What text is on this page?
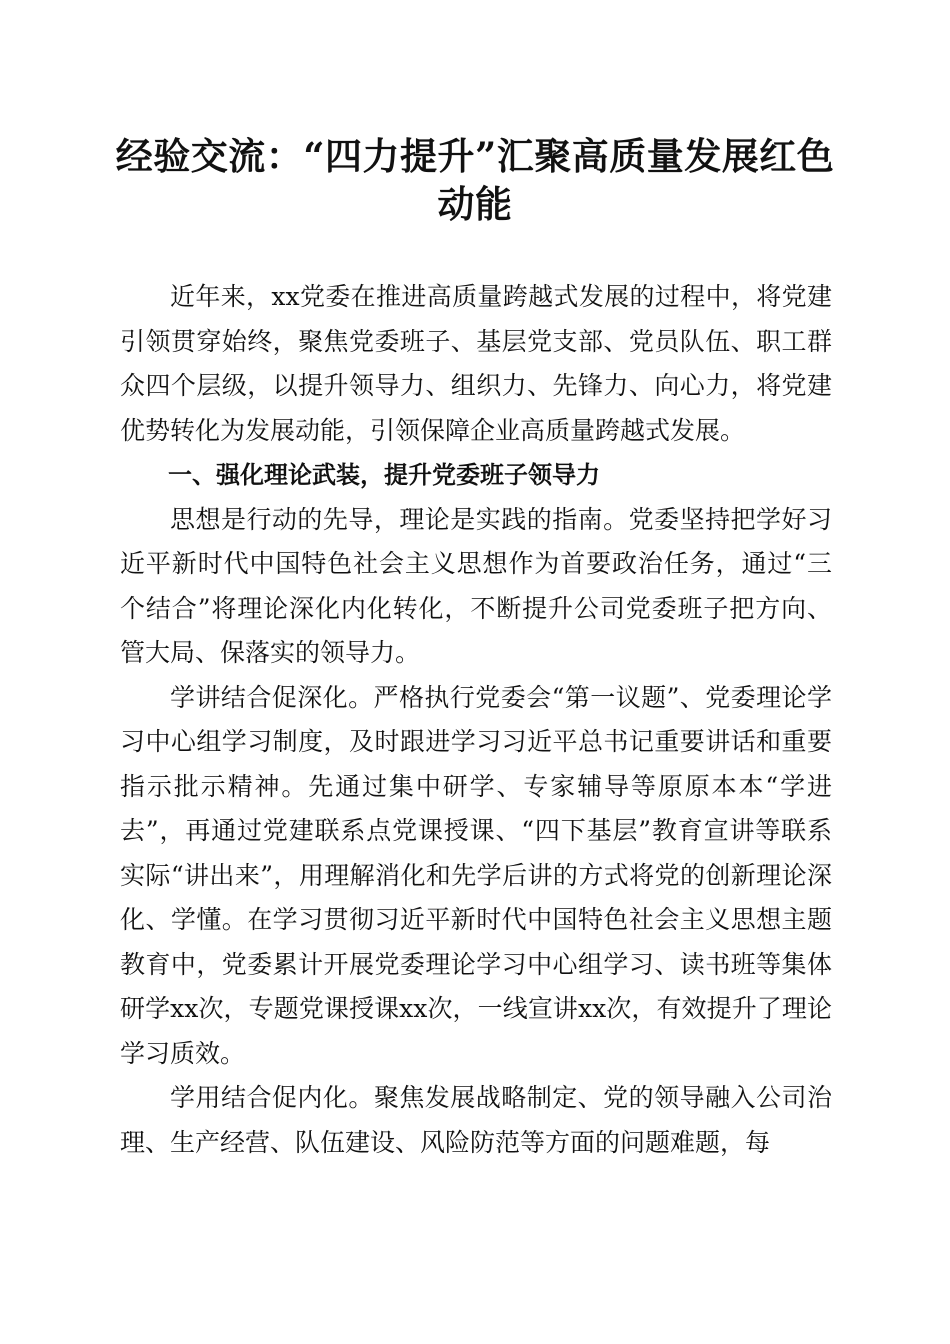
经验交流：“四力提升”汇聚高质量发展红色动能

近年来，xx党委在推进高质量跨越式发展的过程中，将党建引领贯穿始终，聚焦党委班子、基层党支部、党员队伍、职工群众四个层级，以提升领导力、组织力、先锋力、向心力，将党建优势转化为发展动能，引领保障企业高质量跨越式发展。

一、强化理论武装，提升党委班子领导力

思想是行动的先导，理论是实践的指南。党委坚持把学好习近平新时代中国特色社会主义思想作为首要政治任务，通过“三个结合”将理论深化内化转化，不断提升公司党委班子把方向、管大局、保落实的领导力。

学讲结合促深化。严格执行党委会“第一议题”、党委理论学习中心组学习制度，及时跟进学习习近平总书记重要讲话和重要指示批示精神。先通过集中研学、专家辅导等原原本本“学进去”，再通过党建联系点党课授课、“四下基层”教育宣讲等联系实际“讲出来”，用理解消化和先学后讲的方式将党的创新理论深化、学懂。在学习贯彻习近平新时代中国特色社会主义思想主题教育中，党委累计开展党委理论学习中心组学习、读书班等集体研学xx次，专题党课授课xx次，一线宣讲xx次，有效提升了理论学习质效。

学用结合促内化。聚焦发展战略制定、党的领导融入公司治理、生产经营、队伍建设、风险防范等方面的问题难题，每
